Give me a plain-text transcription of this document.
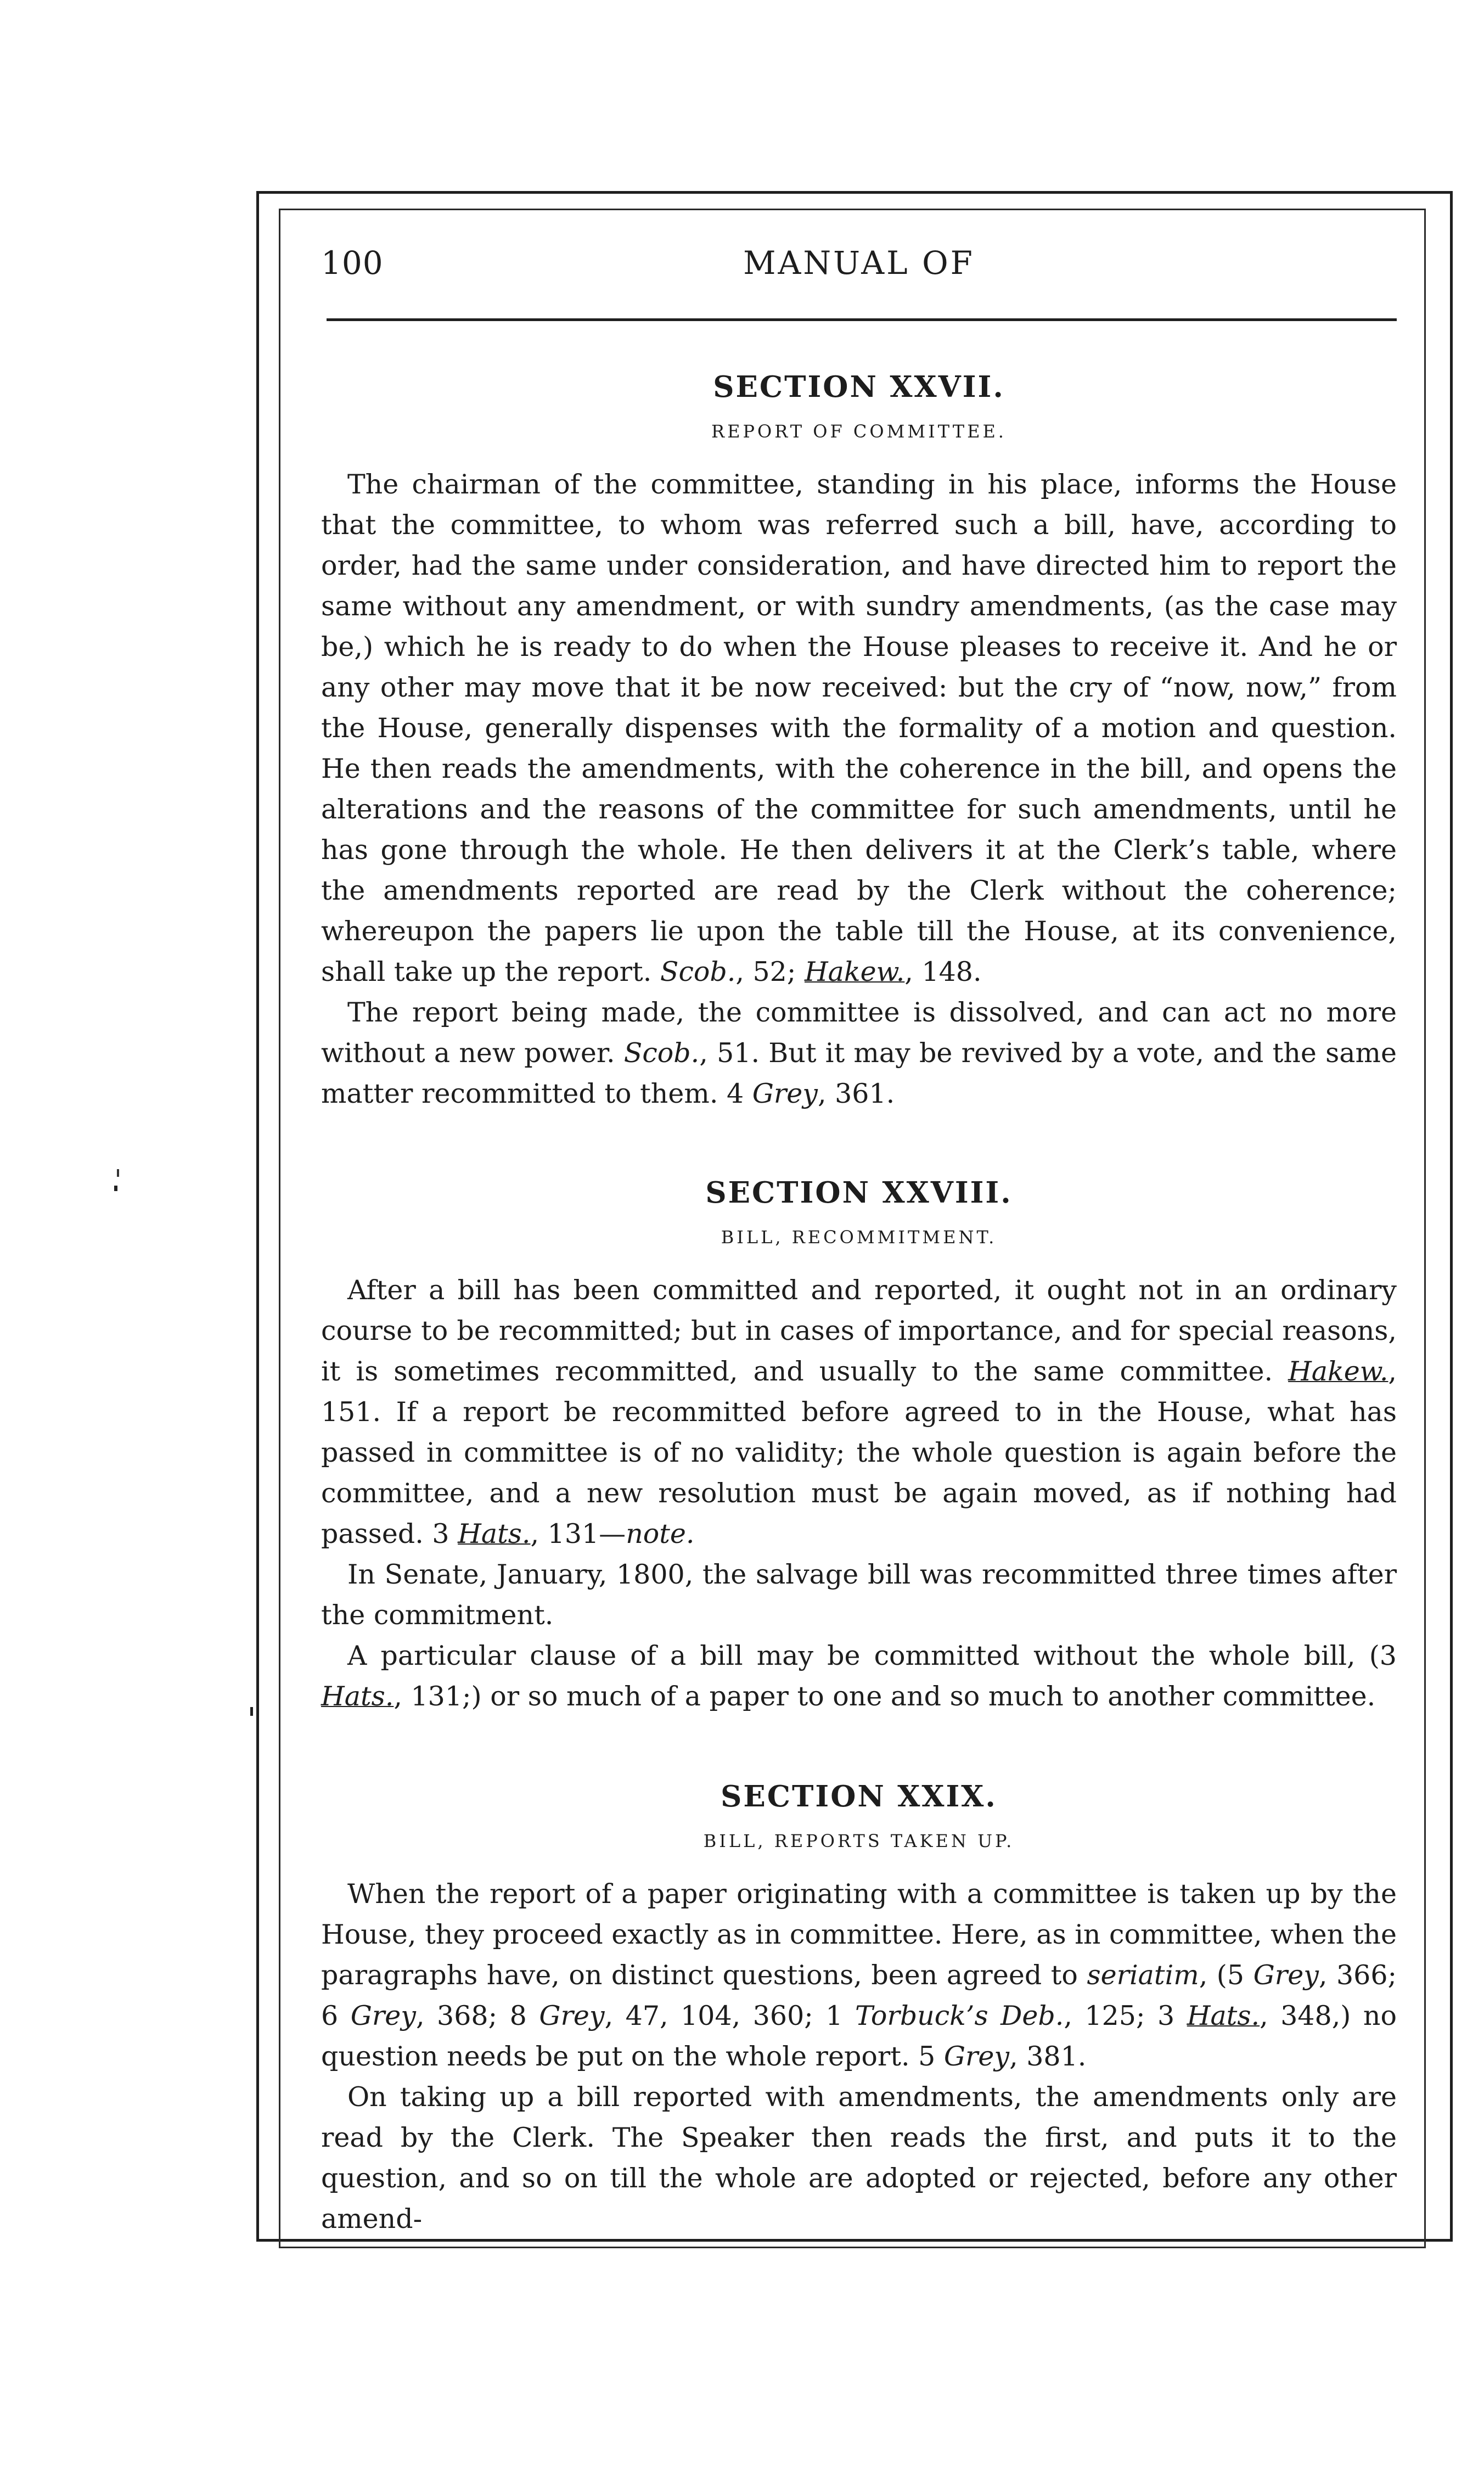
100	MANUAL OF
SECTION XXVII.
REPORT OF COMMITTEE.

The chairman of the committee, standing in his place, informs the House that the committee, to whom was referred such a bill, have, according to order, had the same under consideration, and have directed him to report the same without any amendment, or with sundry amendments, (as the case may be,) which he is ready to do when the House pleases to receive it. And he or any other may move that it be now received: but the cry of “now, now,” from the House, generally dispenses with the formality of a motion and question. He then reads the amendments, with the coherence in the bill, and opens the alterations and the reasons of the committee for such amendments, until he has gone through the whole. He then delivers it at the Clerk’s table, where the amendments reported are read by the Clerk without the coherence; whereupon the papers lie upon the table till the House, at its convenience, shall take up the report. Scob., 52; Hakew., 148.

The report being made, the committee is dissolved, and can act no more without a new power. Scob., 51. But it may be revived by a vote, and the same matter recommitted to them. 4 Grey, 361.

SECTION XXVIII.
BILL, RECOMMITMENT.

After a bill has been committed and reported, it ought not in an ordinary course to be recommitted; but in cases of importance, and for special reasons, it is sometimes recommitted, and usually to the same committee. Hakew., 151. If a report be recommitted before agreed to in the House, what has passed in committee is of no validity; the whole question is again before the committee, and a new resolution must be again moved, as if nothing had passed. 3 Hats., 131—note.

In Senate, January, 1800, the salvage bill was recommitted three times after the commitment.

A particular clause of a bill may be committed without the whole bill, (3 Hats., 131;) or so much of a paper to one and so much to another committee.

SECTION XXIX.
BILL, REPORTS TAKEN UP.

When the report of a paper originating with a committee is taken up by the House, they proceed exactly as in committee. Here, as in committee, when the paragraphs have, on distinct questions, been agreed to seriatim, (5 Grey, 366; 6 Grey, 368; 8 Grey, 47, 104, 360; 1 Torbuck’s Deb., 125; 3 Hats., 348,) no question needs be put on the whole report. 5 Grey, 381.

On taking up a bill reported with amendments, the amendments only are read by the Clerk. The Speaker then reads the first, and puts it to the question, and so on till the whole are adopted or rejected, before any other amend-
